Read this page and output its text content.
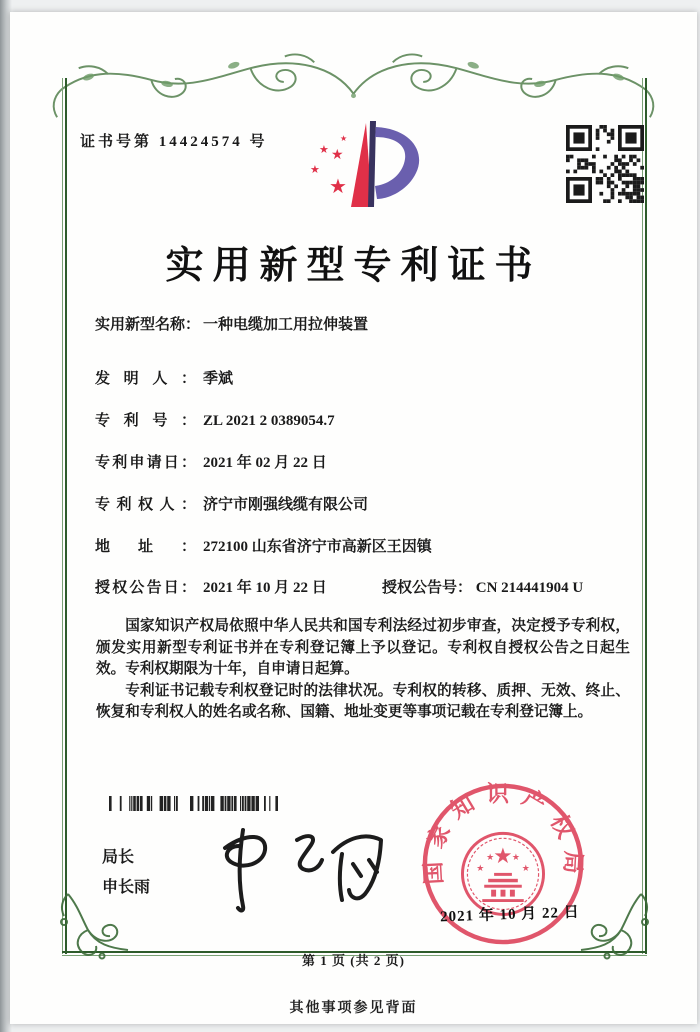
证书号第 14424574 号
★
★
★
★
★
实用新型专利证书
实用新型名称： 一种电缆加工用拉伸装置
发明人： 季斌
专利号： ZL 2021 2 0389054.7
专利申请日： 2021 年 02 月 22 日
专利权人： 济宁市刚强线缆有限公司
地址： 272100 山东省济宁市高新区王因镇
授权公告日： 2021 年 10 月 22 日	授权公告号： CN 214441904 U

国家知识产权局依照中华人民共和国专利法经过初步审查，决定授予专利权，颁发实用新型专利证书并在专利登记簿上予以登记。专利权自授权公告之日起生效。专利权期限为十年，自申请日起算。

专利证书记载专利权登记时的法律状况。专利权的转移、质押、无效、终止、恢复和专利权人的姓名或名称、国籍、地址变更等事项记载在专利登记簿上。

局长
申长雨
国家知识产权局
★
★
★ ★
★
2021 年 10 月 22 日
第 1 页 (共 2 页)
其他事项参见背面
